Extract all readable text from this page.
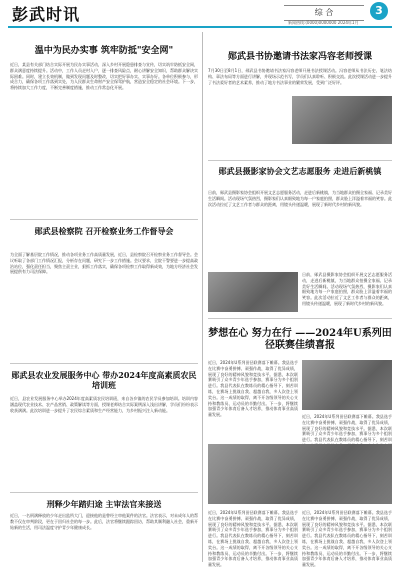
彭武时讯	综 合	3
新闻热线:(0000)0000000 2024年1月
温中为民办实事 筑牢防抵"安全网"
近日，某县有关部门结合实际开展为民办实事活动，深入乡村开展隐患排查与宣传，切实筑牢防抵安全网，群众满意度持续提升。活动中，工作人员走村入户，逐一排查风险点，耐心讲解安全知识，帮助群众解决实际困难。同时，建立长效机制，做到发现问题及时整改，切实把好事办实、实事办好。各单位积极参与，形成合力，确保各项工作落到实处，为人民群众生命财产安全保驾护航，营造安全稳定的社会环境。下一步，将持续加大工作力度，不断完善制度措施，推动工作常态化开展。
郧武县检察院 召开检察业务工作督导会
为全面了解基层院工作情况，推动各项业务工作高质量发展，近日，县检察院召开检察业务工作督导会。会议听取了各部门工作情况汇报，分析存在问题，研究下一步工作措施。会议要求，全院干警要进一步提高政治站位，强化责任担当，聚焦主责主业，狠抓工作落实，确保各项检察工作取得新成效，为地方经济社会发展提供有力司法保障。
郧武县农业发展服务中心 带办2024年度高素质农民培训班
近日，县农业发展服务中心举办2024年度高素质农民培训班，来自各乡镇的农民学员参加培训。培训内容涵盖现代农业技术、农产品营销、政策解读等方面，授课老师结合实际案例深入浅出讲解，学员们纷纷表示收获满满。此次培训进一步提升了农民综合素质和生产经营能力，为乡村振兴注入新动能。
刑释少年踏归途 主审法官来接送
近日，一名刑满释放的少年走出监所大门，迎接他的是曾经主审他案件的法官。法官表示，对未成年人的帮教不仅在审判阶段，更在于回归社会的每一步。此后，法官将继续跟踪回访，帮助其顺利融入社会，重新开始新的生活，用司法温度守护青少年健康成长。
郧武县书协邀请书法家冯容老师授课
7月30日至8月1日，郧武县书协邀请书法家冯容老师开展书法授课活动。冯容老师从书法历史、笔法结构、章法布局等方面进行讲解，并现场示范书写，学员们认真聆听、积极交流。此次授课活动进一步提升了书法爱好者的艺术素养，推动了地方书法事业的繁荣发展，受到广泛好评。
郧武县摄影家协会文艺志愿服务 走进后新桃镇
日前，郧武县摄影家协会组织开展文艺志愿服务活动，走进后新桃镇，为当地群众拍摄全家福、记录美好生活瞬间。活动现场气氛热烈，摄影家们认真细致地为每一户家庭拍照，群众脸上洋溢着幸福的笑容。此次活动拉近了文艺工作者与群众的距离，用镜头传递温暖，展现了新时代乡村的新风貌。
日前，郧武县摄影家协会组织开展文艺志愿服务活动，走进后新桃镇，为当地群众拍摄全家福、记录美好生活瞬间。活动现场气氛热烈，摄影家们认真细致地为每一户家庭拍照，群众脸上洋溢着幸福的笑容。此次活动拉近了文艺工作者与群众的距离，用镜头传递温暖，展现了新时代乡村的新风貌。
梦想在心 努力在行 ——2024年U系列田径联赛佳绩喜报
近日，2024年U系列田径联赛落下帷幕。我县选手在比赛中奋勇拼搏、顽强作战，取得了优异成绩，展现了良好的精神风貌和竞技水平。据悉，本次联赛吸引了众多青少年选手参加，赛事分为多个组别进行。我县代表队在教练员的精心指导下，刻苦训练，在赛场上挑战自我、超越自我，多人次登上领奖台。这一成绩的取得，离不开各级领导的关心支持和教练员、运动员的辛勤付出。下一步，将继续加强青少年体育后备人才培养，推动体育事业高质量发展。	近日，2024年U系列田径联赛落下帷幕。我县选手在比赛中奋勇拼搏、顽强作战，取得了优异成绩，展现了良好的精神风貌和竞技水平。据悉，本次联赛吸引了众多青少年选手参加，赛事分为多个组别进行。我县代表队在教练员的精心指导下，刻苦训
近日，2024年U系列田径联赛落下帷幕。我县选手在比赛中奋勇拼搏、顽强作战，取得了优异成绩，展现了良好的精神风貌和竞技水平。据悉，本次联赛吸引了众多青少年选手参加，赛事分为多个组别进行。我县代表队在教练员的精心指导下，刻苦训练，在赛场上挑战自我、超越自我，多人次登上领奖台。这一成绩的取得，离不开各级领导的关心支持和教练员、运动员的辛勤付出。下一步，将继续加强青少年体育后备人才培养，推动体育事业高质量发展。
近日，2024年U系列田径联赛落下帷幕。我县选手在比赛中奋勇拼搏、顽强作战，取得了优异成绩，展现了良好的精神风貌和竞技水平。据悉，本次联赛吸引了众多青少年选手参加，赛事分为多个组别进行。我县代表队在教练员的精心指导下，刻苦训练，在赛场上挑战自我、超越自我，多人次登上领奖台。这一成绩的取得，离不开各级领导的关心支持和教练员、运动员的辛勤付出。下一步，将继续加强青少年体育后备人才培养，推动体育事业高质量发展。
